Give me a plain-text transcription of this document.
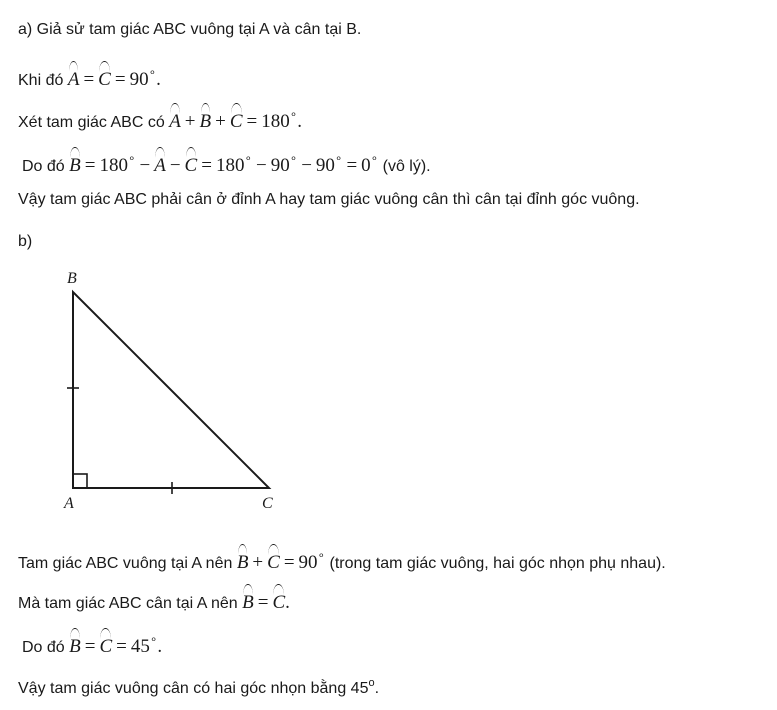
a) Giả sử tam giác ABC vuông tại A và cân tại B.
Khi đó A = C = 90∘.
Xét tam giác ABC có A + B + C = 180∘.
Do đó B = 180∘ − A − C = 180∘ − 90∘ − 90∘ = 0∘ (vô lý).
Vậy tam giác ABC phải cân ở đỉnh A hay tam giác vuông cân thì cân tại đỉnh góc vuông.
b)
B
A	C
Tam giác ABC vuông tại A nên B + C = 90∘ (trong tam giác vuông, hai góc nhọn phụ nhau).
Mà tam giác ABC cân tại A nên B = C.
Do đó B = C = 45∘.
Vậy tam giác vuông cân có hai góc nhọn bằng 45$^o$.
